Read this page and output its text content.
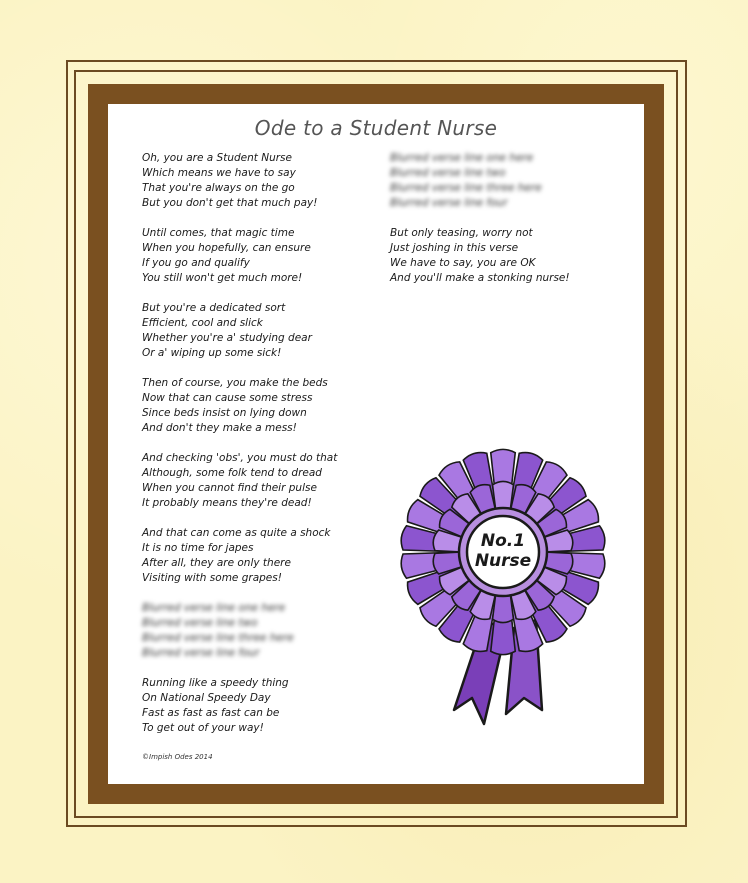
Ode to a Student Nurse
Oh, you are a Student Nurse
Which means we have to say
That you're always on the go
But you don't get that much pay!
Until comes, that magic time
When you hopefully, can ensure
If you go and qualify
You still won't get much more!
But you're a dedicated sort
Efficient, cool and slick
Whether you're a' studying dear
Or a' wiping up some sick!
Then of course, you make the beds
Now that can cause some stress
Since beds insist on lying down
And don't they make a mess!
And checking 'obs', you must do that
Although, some folk tend to dread
When you cannot find their pulse
It probably means they're dead!
And that can come as quite a shock
It is no time for japes
After all, they are only there
Visiting with some grapes!
Blurred verse line one here
Blurred verse line two
Blurred verse line three here
Blurred verse line four
Running like a speedy thing
On National Speedy Day
Fast as fast as fast can be
To get out of your way!
Blurred verse line one here
Blurred verse line two
Blurred verse line three here
Blurred verse line four
But only teasing, worry not
Just joshing in this verse
We have to say, you are OK
And you'll make a stonking nurse!
No.1
Nurse
©Impish Odes 2014
